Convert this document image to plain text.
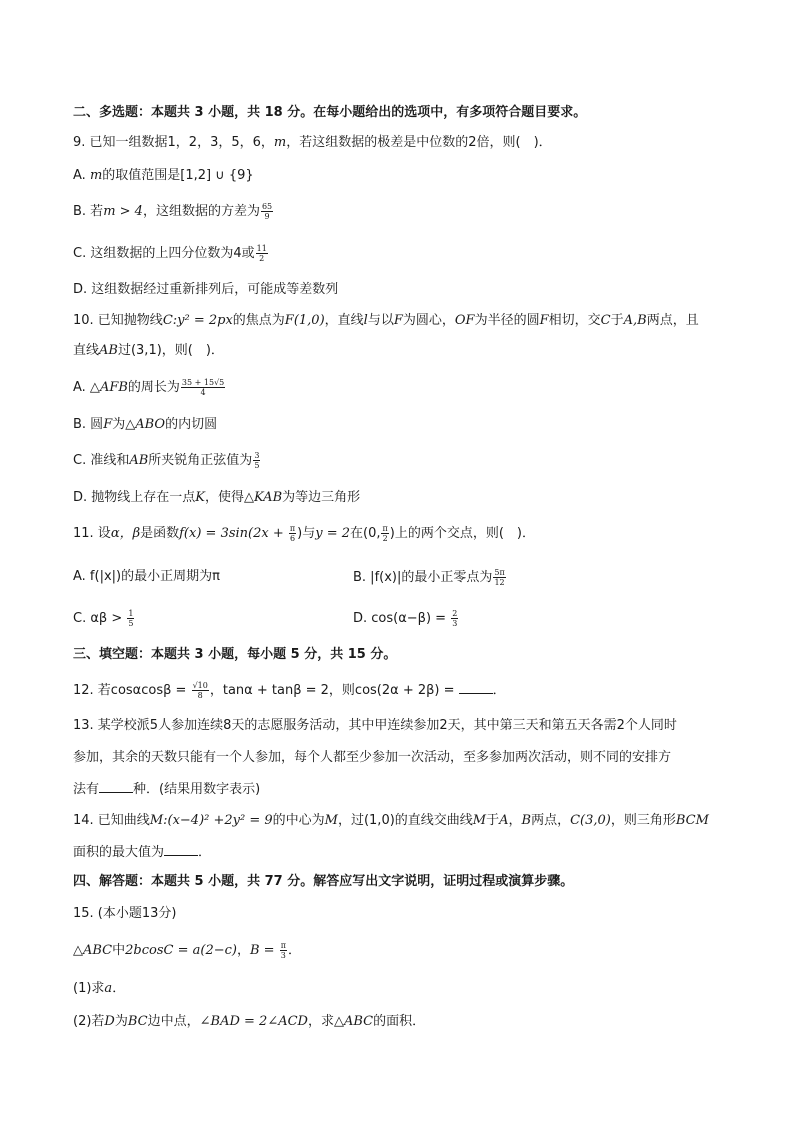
二、多选题：本题共 3 小题，共 18 分。在每小题给出的选项中，有多项符合题目要求。
9. 已知一组数据1，2，3，5，6，m，若这组数据的极差是中位数的2倍，则(　)．
A. m的取值范围是[1,2] ∪ {9}
B. 若m > 4，这组数据的方差为 $\frac{65}{9}$
C. 这组数据的上四分位数为4或 $\frac{11}{2}$
D. 这组数据经过重新排列后，可能成等差数列
10. 已知抛物线C:y² = 2px的焦点为F(1,0)，直线l与以F为圆心，OF为半径的圆F相切，交C于A,B两点，且
直线AB过(3,1)，则(　)．
A. △AFB的周长为 $\frac{35 + 15√5}{4}$
B. 圆F为△ABO的内切圆
C. 准线和AB所夹锐角正弦值为 $\frac{3}{5}$
D. 抛物线上存在一点K，使得△KAB为等边三角形
11. 设α，β是函数$f(x) = 3\sin(2x + \frac{\pi}{6}$ )与y = 2在(0, $\frac{\pi}{2}$ )上的两个交点，则(　)．
A. f(|x|)的最小正周期为π	B. |f(x)|的最小正零点为 $\frac{5\pi}{12}$
C. $\alpha\beta > \frac{1}{5}$	D. $\cos(\alpha-\beta) = \frac{2}{3}$
三、填空题：本题共 3 小题，每小题 5 分，共 15 分。
12. 若$\cos\alpha\cos\beta = \frac{√10}{8}$ ，tanα + tanβ = 2，则cos(2α + 2β) =	．
13. 某学校派5人参加连续8天的志愿服务活动，其中甲连续参加2天，其中第三天和第五天各需2个人同时
参加，其余的天数只能有一个人参加，每个人都至少参加一次活动，至多参加两次活动，则不同的安排方
法有	种．(结果用数字表示)
14. 已知曲线M:(x−4)² +2y² = 9的中心为M，过(1,0)的直线交曲线M于A，B两点，C(3,0)，则三角形BCM
面积的最大值为	．
四、解答题：本题共 5 小题，共 77 分。解答应写出文字说明，证明过程或演算步骤。
15. (本小题13分)
△ABC中2bcosC = a(2−c)，$B = \frac{\pi}{3}$ ．
(1)求a．
(2)若D为BC边中点，∠BAD = 2∠ACD，求△ABC的面积．
